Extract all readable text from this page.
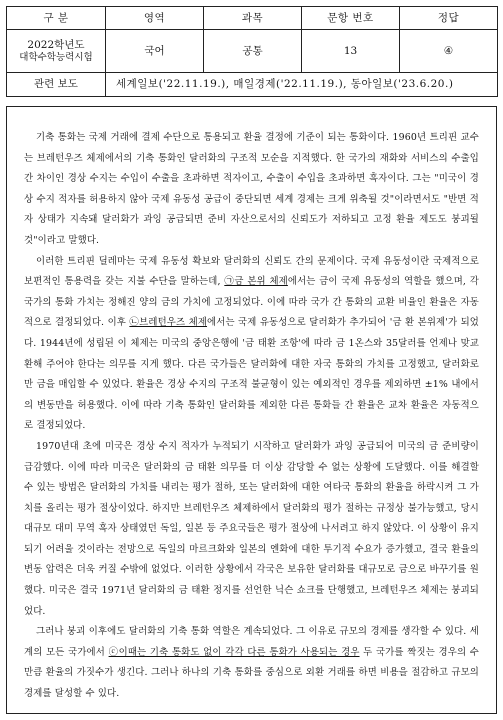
구 분	영역	과목	문항 번호	정답

2022학년도
대학수학능력시험	국어	공통	13	④
관련 보도	세계일보('22.11.19.), 매일경제('22.11.19.), 동아일보('23.6.20.)			

기축 통화는 국제 거래에 결제 수단으로 통용되고 환율 결정에 기준이 되는 통화이다. 1960년 트리핀 교수는 브레턴우즈 체제에서의 기축 통화인 달러화의 구조적 모순을 지적했다. 한 국가의 재화와 서비스의 수출입 간 차이인 경상 수지는 수입이 수출을 초과하면 적자이고, 수출이 수입을 초과하면 흑자이다. 그는 "미국이 경상 수지 적자를 허용하지 않아 국제 유동성 공급이 중단되면 세계 경제는 크게 위축될 것"이라면서도 "반면 적자 상태가 지속돼 달러화가 과잉 공급되면 준비 자산으로서의 신뢰도가 저하되고 고정 환율 제도도 붕괴될 것"이라고 말했다.

이러한 트리핀 딜레마는 국제 유동성 확보와 달러화의 신뢰도 간의 문제이다. 국제 유동성이란 국제적으로 보편적인 통용력을 갖는 지불 수단을 말하는데, ㉠금 본위 체제에서는 금이 국제 유동성의 역할을 했으며, 각 국가의 통화 가치는 정해진 양의 금의 가치에 고정되었다. 이에 따라 국가 간 통화의 교환 비율인 환율은 자동적으로 결정되었다. 이후 ㉡브레턴우즈 체제에서는 국제 유동성으로 달러화가 추가되어 '금 환 본위제'가 되었다. 1944년에 성립된 이 체제는 미국의 중앙은행에 '금 태환 조항'에 따라 금 1온스와 35달러를 언제나 맞교환해 주어야 한다는 의무를 지게 했다. 다른 국가들은 달러화에 대한 자국 통화의 가치를 고정했고, 달러화로만 금을 매입할 수 있었다. 환율은 경상 수지의 구조적 불균형이 있는 예외적인 경우를 제외하면 ±1% 내에서의 변동만을 허용했다. 이에 따라 기축 통화인 달러화를 제외한 다른 통화들 간 환율은 교차 환율은 자동적으로 결정되었다.

1970년대 초에 미국은 경상 수지 적자가 누적되기 시작하고 달러화가 과잉 공급되어 미국의 금 준비량이 급감했다. 이에 따라 미국은 달러화의 금 태환 의무를 더 이상 감당할 수 없는 상황에 도달했다. 이를 해결할 수 있는 방법은 달러화의 가치를 내리는 평가 절하, 또는 달러화에 대한 여타국 통화의 환율을 하락시켜 그 가치를 올리는 평가 절상이었다. 하지만 브레턴우즈 체제하에서 달러화의 평가 절하는 규정상 불가능했고, 당시 대규모 대미 무역 흑자 상태였던 독일, 일본 등 주요국들은 평가 절상에 나서려고 하지 않았다. 이 상황이 유지되기 어려울 것이라는 전망으로 독일의 마르크화와 일본의 엔화에 대한 투기적 수요가 증가했고, 결국 환율의 변동 압력은 더욱 커질 수밖에 없었다. 이러한 상황에서 각국은 보유한 달러화를 대규모로 금으로 바꾸기를 원했다. 미국은 결국 1971년 달러화의 금 태환 정지를 선언한 닉슨 쇼크를 단행했고, 브레턴우즈 체제는 붕괴되었다.

그러나 붕괴 이후에도 달러화의 기축 통화 역할은 계속되었다. 그 이유로 규모의 경제를 생각할 수 있다. 세계의 모든 국가에서 ⓒ이때는 기축 통화도 없이 각각 다른 통화가 사용되는 경우 두 국가를 짝짓는 경우의 수만큼 환율의 가짓수가 생긴다. 그러나 하나의 기축 통화를 중심으로 외환 거래를 하면 비용을 절감하고 규모의 경제를 달성할 수 있다.
